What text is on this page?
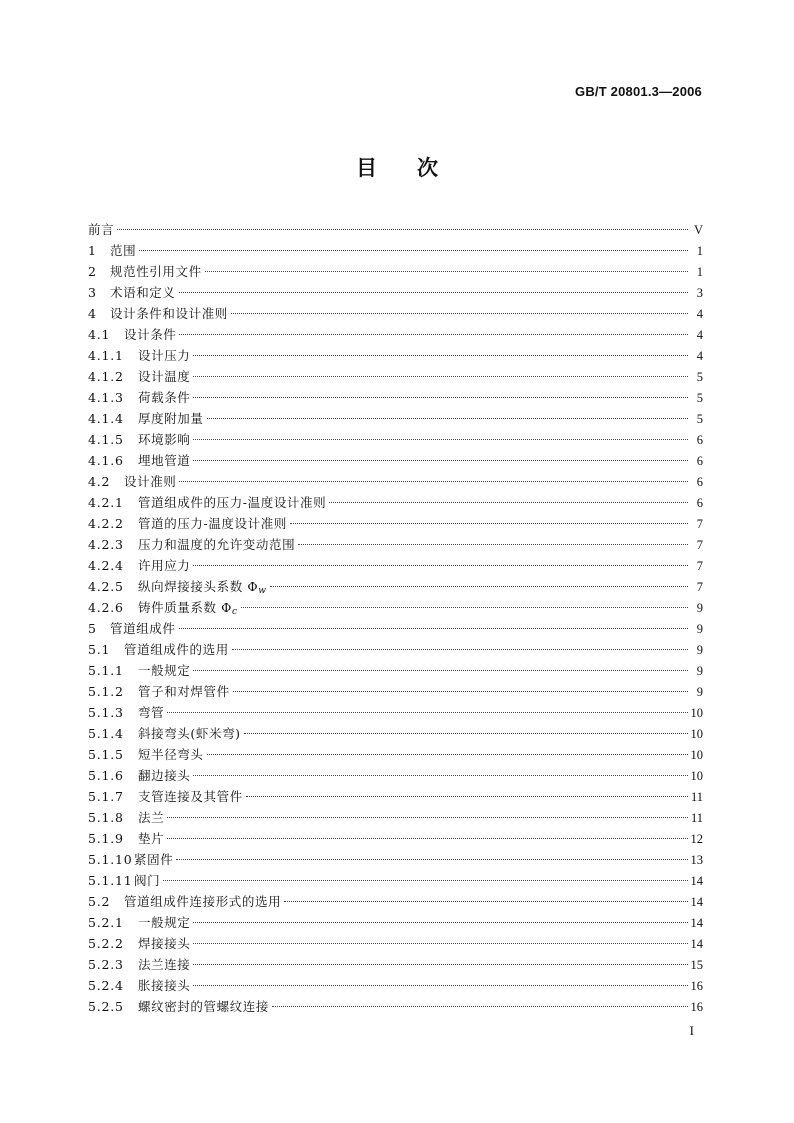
GB/T 20801.3—2006
目次
前言	V
1	范围	1
2	规范性引用文件	1
3	术语和定义	3
4	设计条件和设计准则	4
4.1	设计条件	4
4.1.1	设计压力	4
4.1.2	设计温度	5
4.1.3	荷载条件	5
4.1.4	厚度附加量	5
4.1.5	环境影响	6
4.1.6	埋地管道	6
4.2	设计准则	6
4.2.1	管道组成件的压力-温度设计准则	6
4.2.2	管道的压力-温度设计准则	7
4.2.3	压力和温度的允许变动范围	7
4.2.4	许用应力	7
4.2.5	纵向焊接接头系数 Φw	7
4.2.6	铸件质量系数 Φc	9
5	管道组成件	9
5.1	管道组成件的选用	9
5.1.1	一般规定	9
5.1.2	管子和对焊管件	9
5.1.3	弯管	10
5.1.4	斜接弯头(虾米弯)	10
5.1.5	短半径弯头	10
5.1.6	翻边接头	10
5.1.7	支管连接及其管件	11
5.1.8	法兰	11
5.1.9	垫片	12
5.1.10 紧固件	13
5.1.11 阀门	14
5.2	管道组成件连接形式的选用	14
5.2.1	一般规定	14
5.2.2	焊接接头	14
5.2.3	法兰连接	15
5.2.4	胀接接头	16
5.2.5	螺纹密封的管螺纹连接	16
I
